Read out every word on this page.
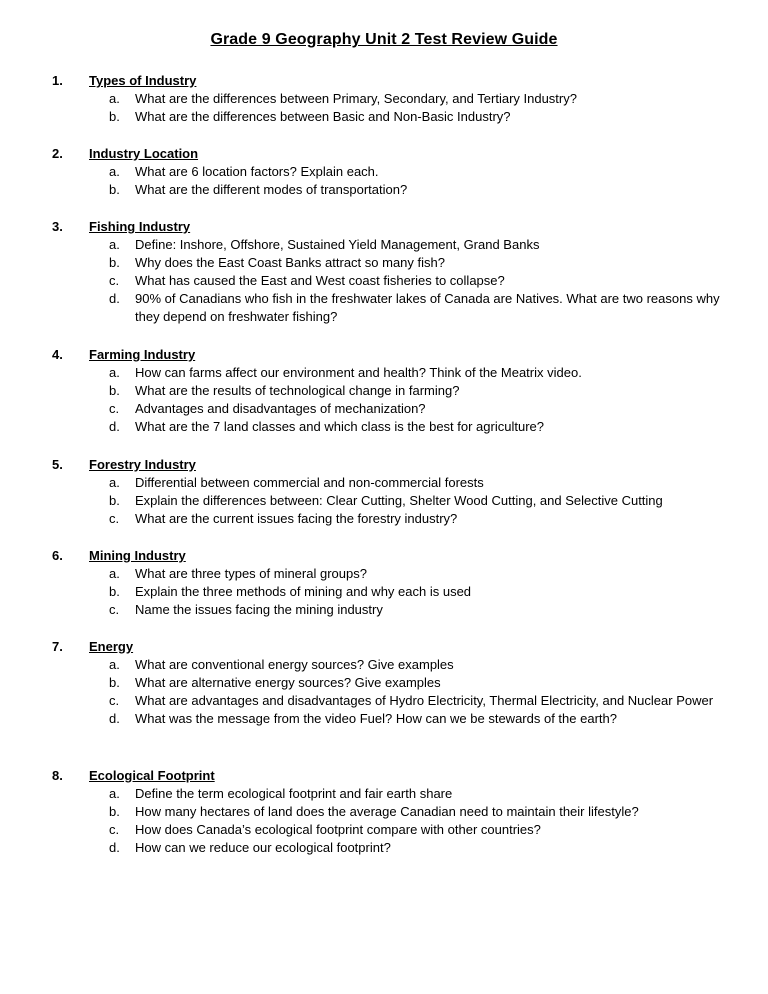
Grade 9 Geography Unit 2 Test Review Guide
1.	Types of Industry
a.	What are the differences between Primary, Secondary, and Tertiary Industry?
b.	What are the differences between Basic and Non-Basic Industry?
2.	Industry Location
a.	What are 6 location factors? Explain each.
b.	What are the different modes of transportation?
3.	Fishing Industry
a.	Define: Inshore, Offshore, Sustained Yield Management, Grand Banks
b.	Why does the East Coast Banks attract so many fish?
c.	What has caused the East and West coast fisheries to collapse?
d.	90% of Canadians who fish in the freshwater lakes of Canada are Natives. What are two reasons why they depend on freshwater fishing?
4.	Farming Industry
a.	How can farms affect our environment and health? Think of the Meatrix video.
b.	What are the results of technological change in farming?
c.	Advantages and disadvantages of mechanization?
d.	What are the 7 land classes and which class is the best for agriculture?
5.	Forestry Industry
a.	Differential between commercial and non-commercial forests
b.	Explain the differences between: Clear Cutting, Shelter Wood Cutting, and Selective Cutting
c.	What are the current issues facing the forestry industry?
6.	Mining Industry
a.	What are three types of mineral groups?
b.	Explain the three methods of mining and why each is used
c.	Name the issues facing the mining industry
7.	Energy
a.	What are conventional energy sources? Give examples
b.	What are alternative energy sources? Give examples
c.	What are advantages and disadvantages of Hydro Electricity, Thermal Electricity, and Nuclear Power
d.	What was the message from the video Fuel? How can we be stewards of the earth?
8.	Ecological Footprint
a.	Define the term ecological footprint and fair earth share
b.	How many hectares of land does the average Canadian need to maintain their lifestyle?
c.	How does Canada’s ecological footprint compare with other countries?
d.	How can we reduce our ecological footprint?
